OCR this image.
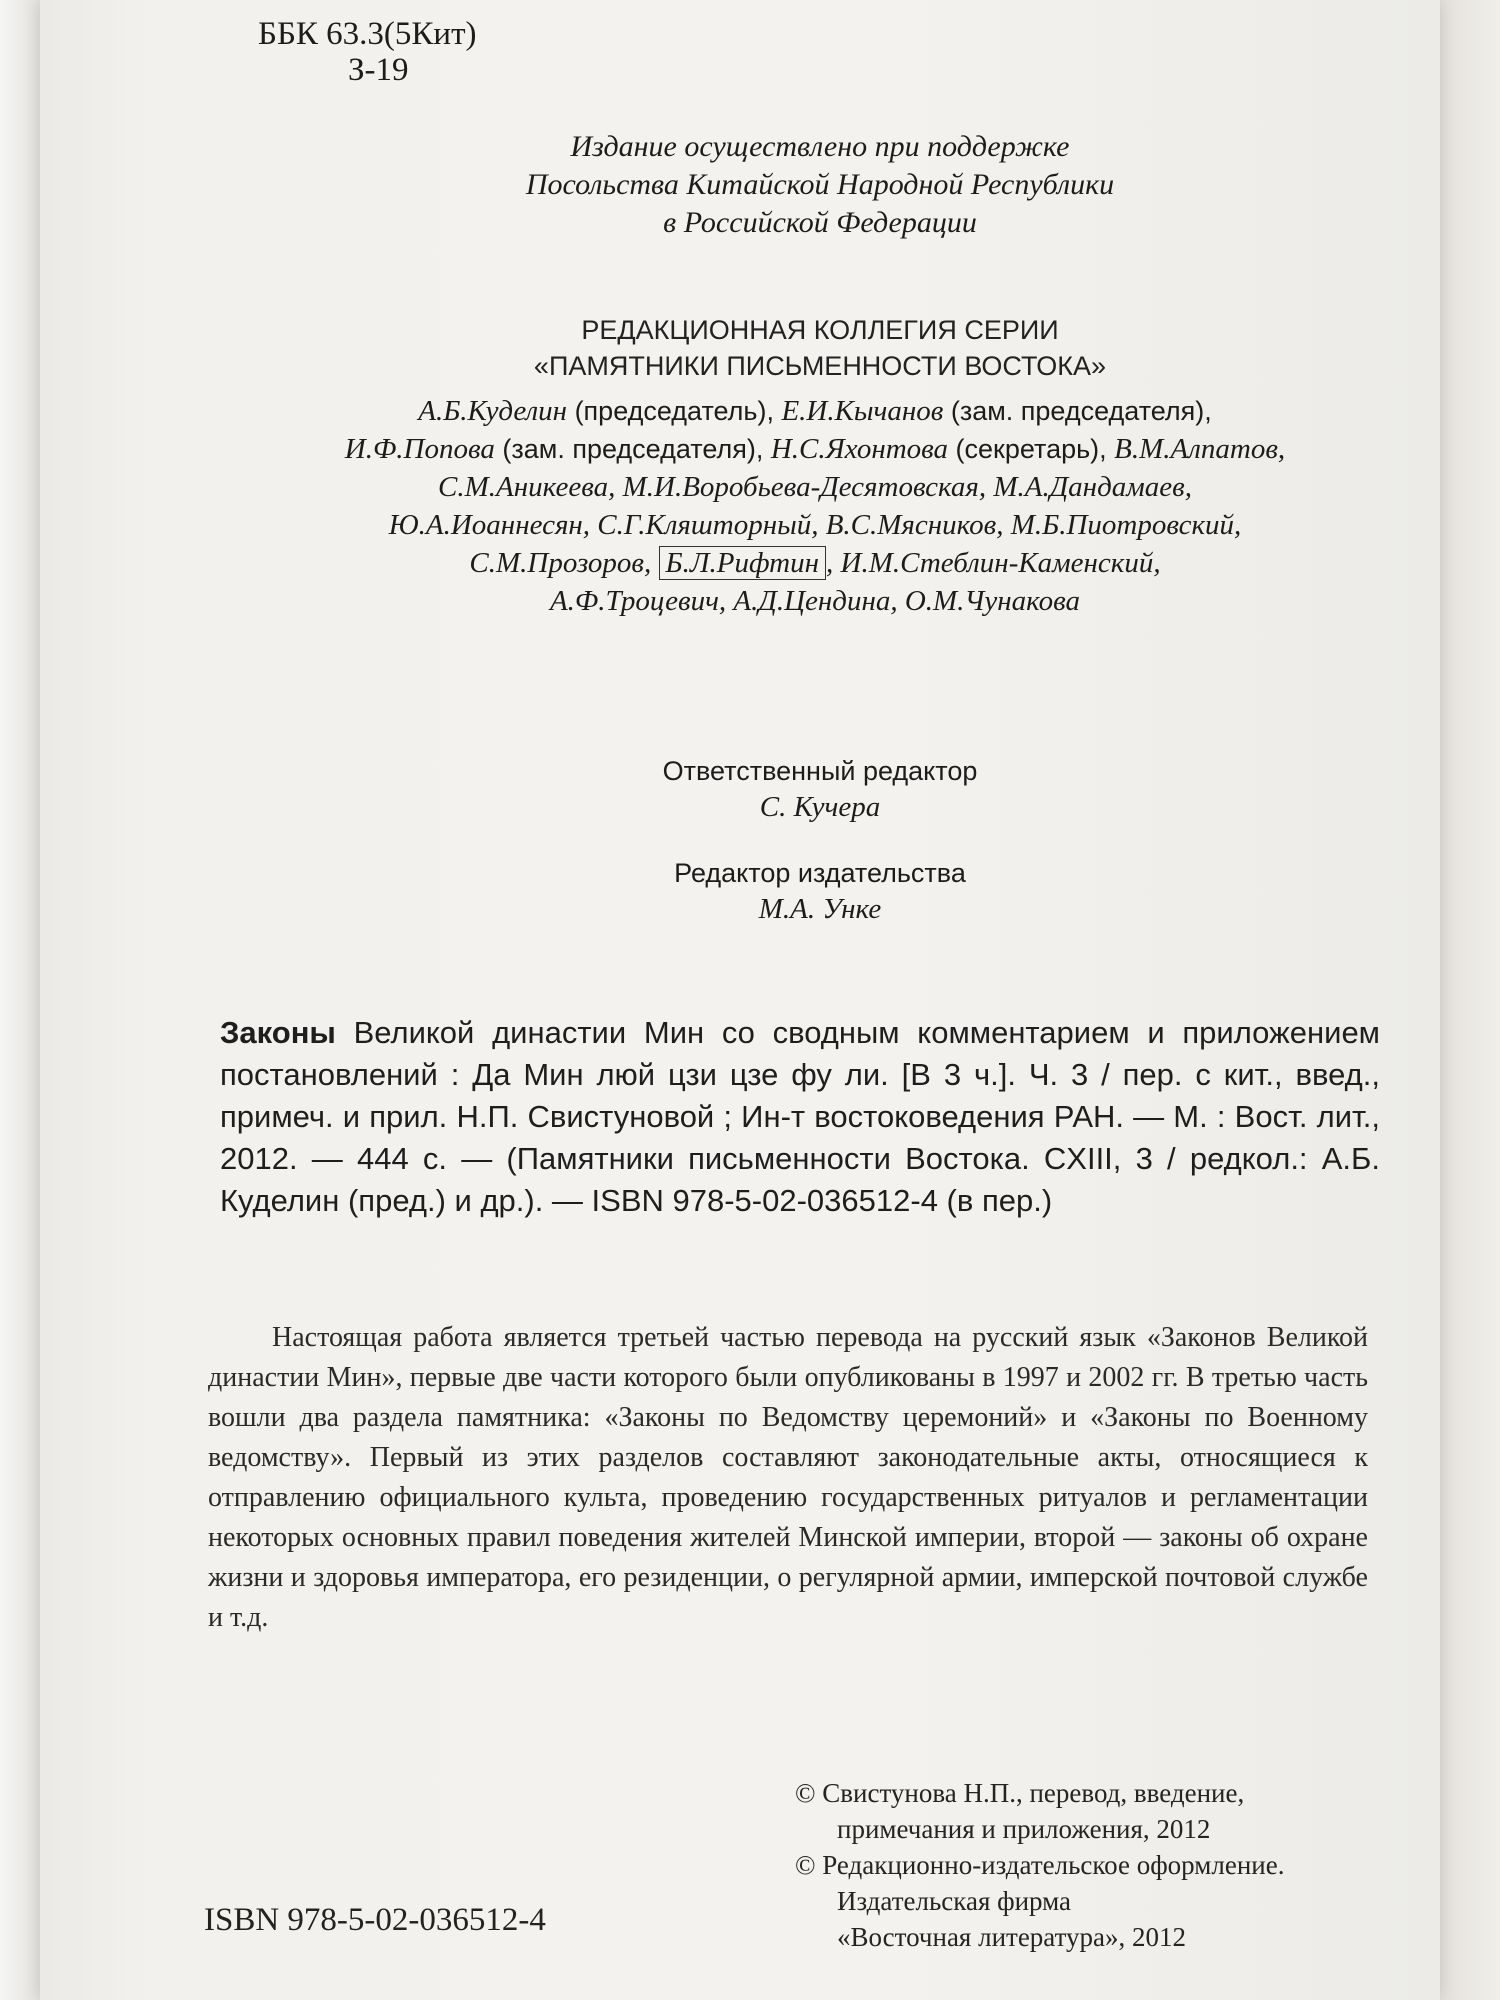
ББК 63.3(5Кит)
З-19
Издание осуществлено при поддержке
Посольства Китайской Народной Республики
в Российской Федерации
РЕДАКЦИОННАЯ КОЛЛЕГИЯ СЕРИИ
«ПАМЯТНИКИ ПИСЬМЕННОСТИ ВОСТОКА»
А.Б.Куделин (председатель), Е.И.Кычанов (зам. председателя),
И.Ф.Попова (зам. председателя), Н.С.Яхонтова (секретарь), В.М.Алпатов,
С.М.Аникеева, М.И.Воробьева-Десятовская, М.А.Дандамаев,
Ю.А.Иоаннесян, С.Г.Кляшторный, В.С.Мясников, М.Б.Пиотровский,
С.М.Прозоров, Б.Л.Рифтин , И.М.Стеблин-Каменский,
А.Ф.Троцевич, А.Д.Цендина, О.М.Чунакова
Ответственный редактор
С. Кучера
Редактор издательства
М.А. Унке
Законы Великой династии Мин со сводным комментарием и приложением постановлений : Да Мин люй цзи цзе фу ли. [В 3 ч.]. Ч. 3 / пер. с кит., введ., примеч. и прил. Н.П. Свистуновой ; Ин-т востоковедения РАН. — М. : Вост. лит., 2012. — 444 с. — (Памятники письменности Востока. CXIII, 3 / редкол.: А.Б. Куделин (пред.) и др.). — ISBN 978-5-02-036512-4 (в пер.)
Настоящая работа является третьей частью перевода на русский язык «Законов Великой династии Мин», первые две части которого были опубликованы в 1997 и 2002 гг. В третью часть вошли два раздела памятника: «Законы по Ведомству церемоний» и «Законы по Военному ведомству». Первый из этих разделов составляют законодательные акты, относящиеся к отправлению официального культа, проведению государственных ритуалов и регламентации некоторых основных правил поведения жителей Минской империи, второй — законы об охране жизни и здоровья императора, его резиденции, о регулярной армии, имперской почтовой службе и т.д.
© Свистунова Н.П., перевод, введение,
примечания и приложения, 2012
© Редакционно-издательское оформление.
Издательская фирма
«Восточная литература», 2012
ISBN 978-5-02-036512-4
